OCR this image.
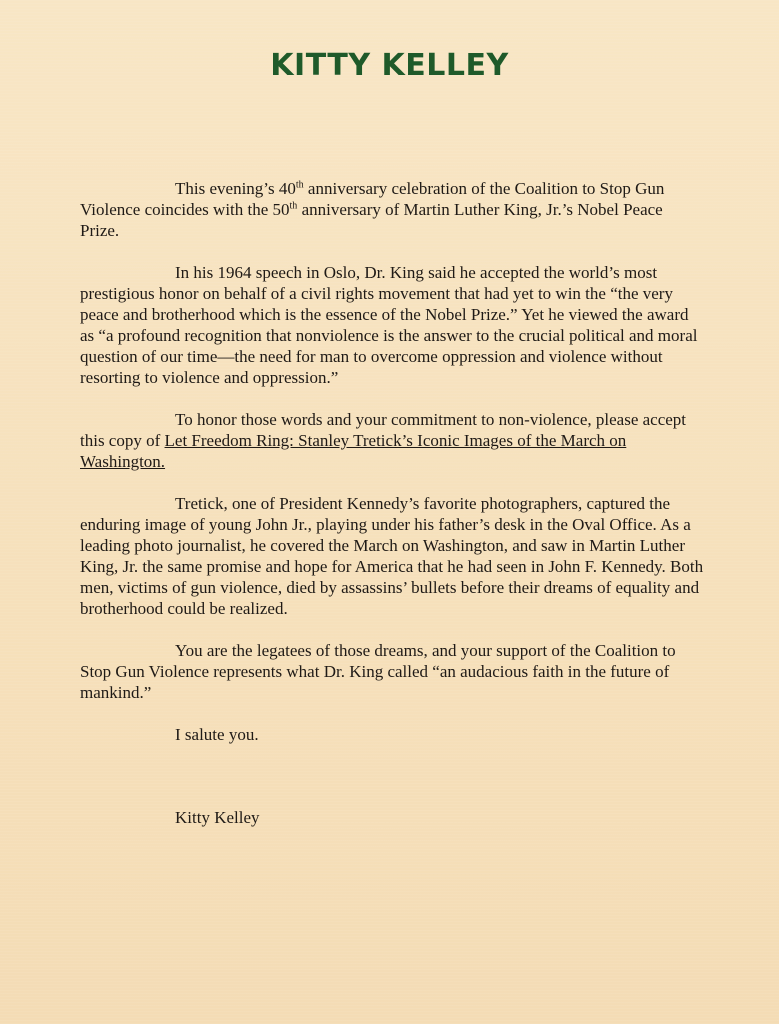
KITTY KELLEY

This evening’s 40th anniversary celebration of the Coalition to Stop Gun Violence coincides with the 50th anniversary of Martin Luther King, Jr.’s Nobel Peace Prize.

In his 1964 speech in Oslo, Dr. King said he accepted the world’s most prestigious honor on behalf of a civil rights movement that had yet to win the “the very peace and brotherhood which is the essence of the Nobel Prize.” Yet he viewed the award as “a profound recognition that nonviolence is the answer to the crucial political and moral question of our time—the need for man to overcome oppression and violence without resorting to violence and oppression.”

To honor those words and your commitment to non-violence, please accept this copy of Let Freedom Ring: Stanley Tretick’s Iconic Images of the March on Washington.

Tretick, one of President Kennedy’s favorite photographers, captured the enduring image of young John Jr., playing under his father’s desk in the Oval Office. As a leading photo journalist, he covered the March on Washington, and saw in Martin Luther King, Jr. the same promise and hope for America that he had seen in John F. Kennedy. Both men, victims of gun violence, died by assassins’ bullets before their dreams of equality and brotherhood could be realized.

You are the legatees of those dreams, and your support of the Coalition to Stop Gun Violence represents what Dr. King called “an audacious faith in the future of mankind.”

I salute you.

Kitty Kelley
